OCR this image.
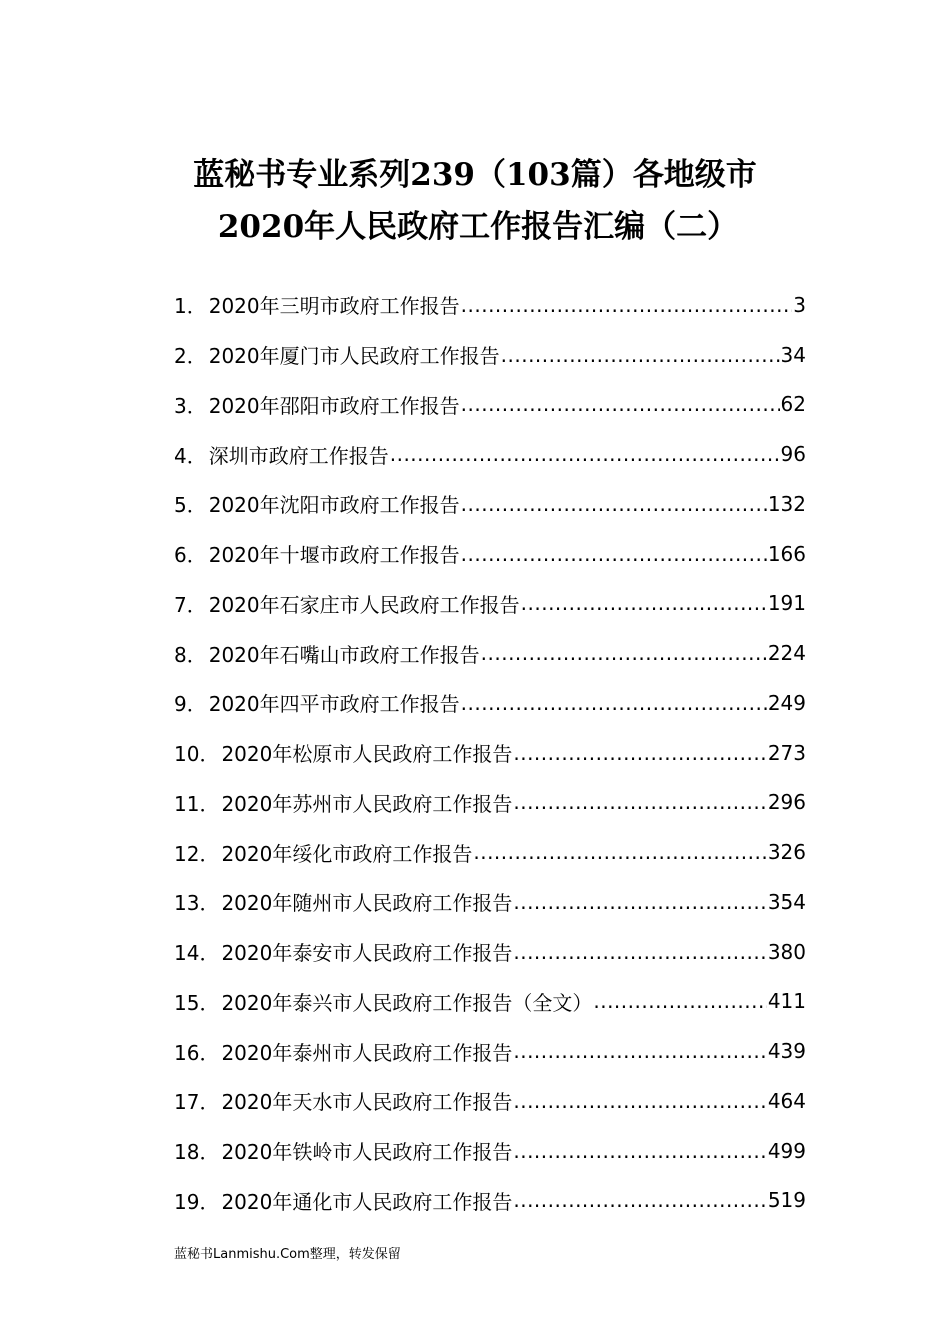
蓝秘书专业系列239（103篇）各地级市
2020年人民政府工作报告汇编（二）
1． 2020年三明市政府工作报告 .....	3
2． 2020年厦门市人民政府工作报告 .....	34
3． 2020年邵阳市政府工作报告 .....	62
4． 深圳市政府工作报告 .....	96
5． 2020年沈阳市政府工作报告 .....	132
6． 2020年十堰市政府工作报告 .....	166
7． 2020年石家庄市人民政府工作报告 .....	191
8． 2020年石嘴山市政府工作报告 .....	224
9． 2020年四平市政府工作报告 .....	249
10． 2020年松原市人民政府工作报告 .....	273
11． 2020年苏州市人民政府工作报告 .....	296
12． 2020年绥化市政府工作报告 .....	326
13． 2020年随州市人民政府工作报告 .....	354
14． 2020年泰安市人民政府工作报告 .....	380
15． 2020年泰兴市人民政府工作报告（全文） .....	411
16． 2020年泰州市人民政府工作报告 .....	439
17． 2020年天水市人民政府工作报告 .....	464
18． 2020年铁岭市人民政府工作报告 .....	499
19． 2020年通化市人民政府工作报告 .....	519
蓝秘书Lanmishu.Com整理，转发保留
